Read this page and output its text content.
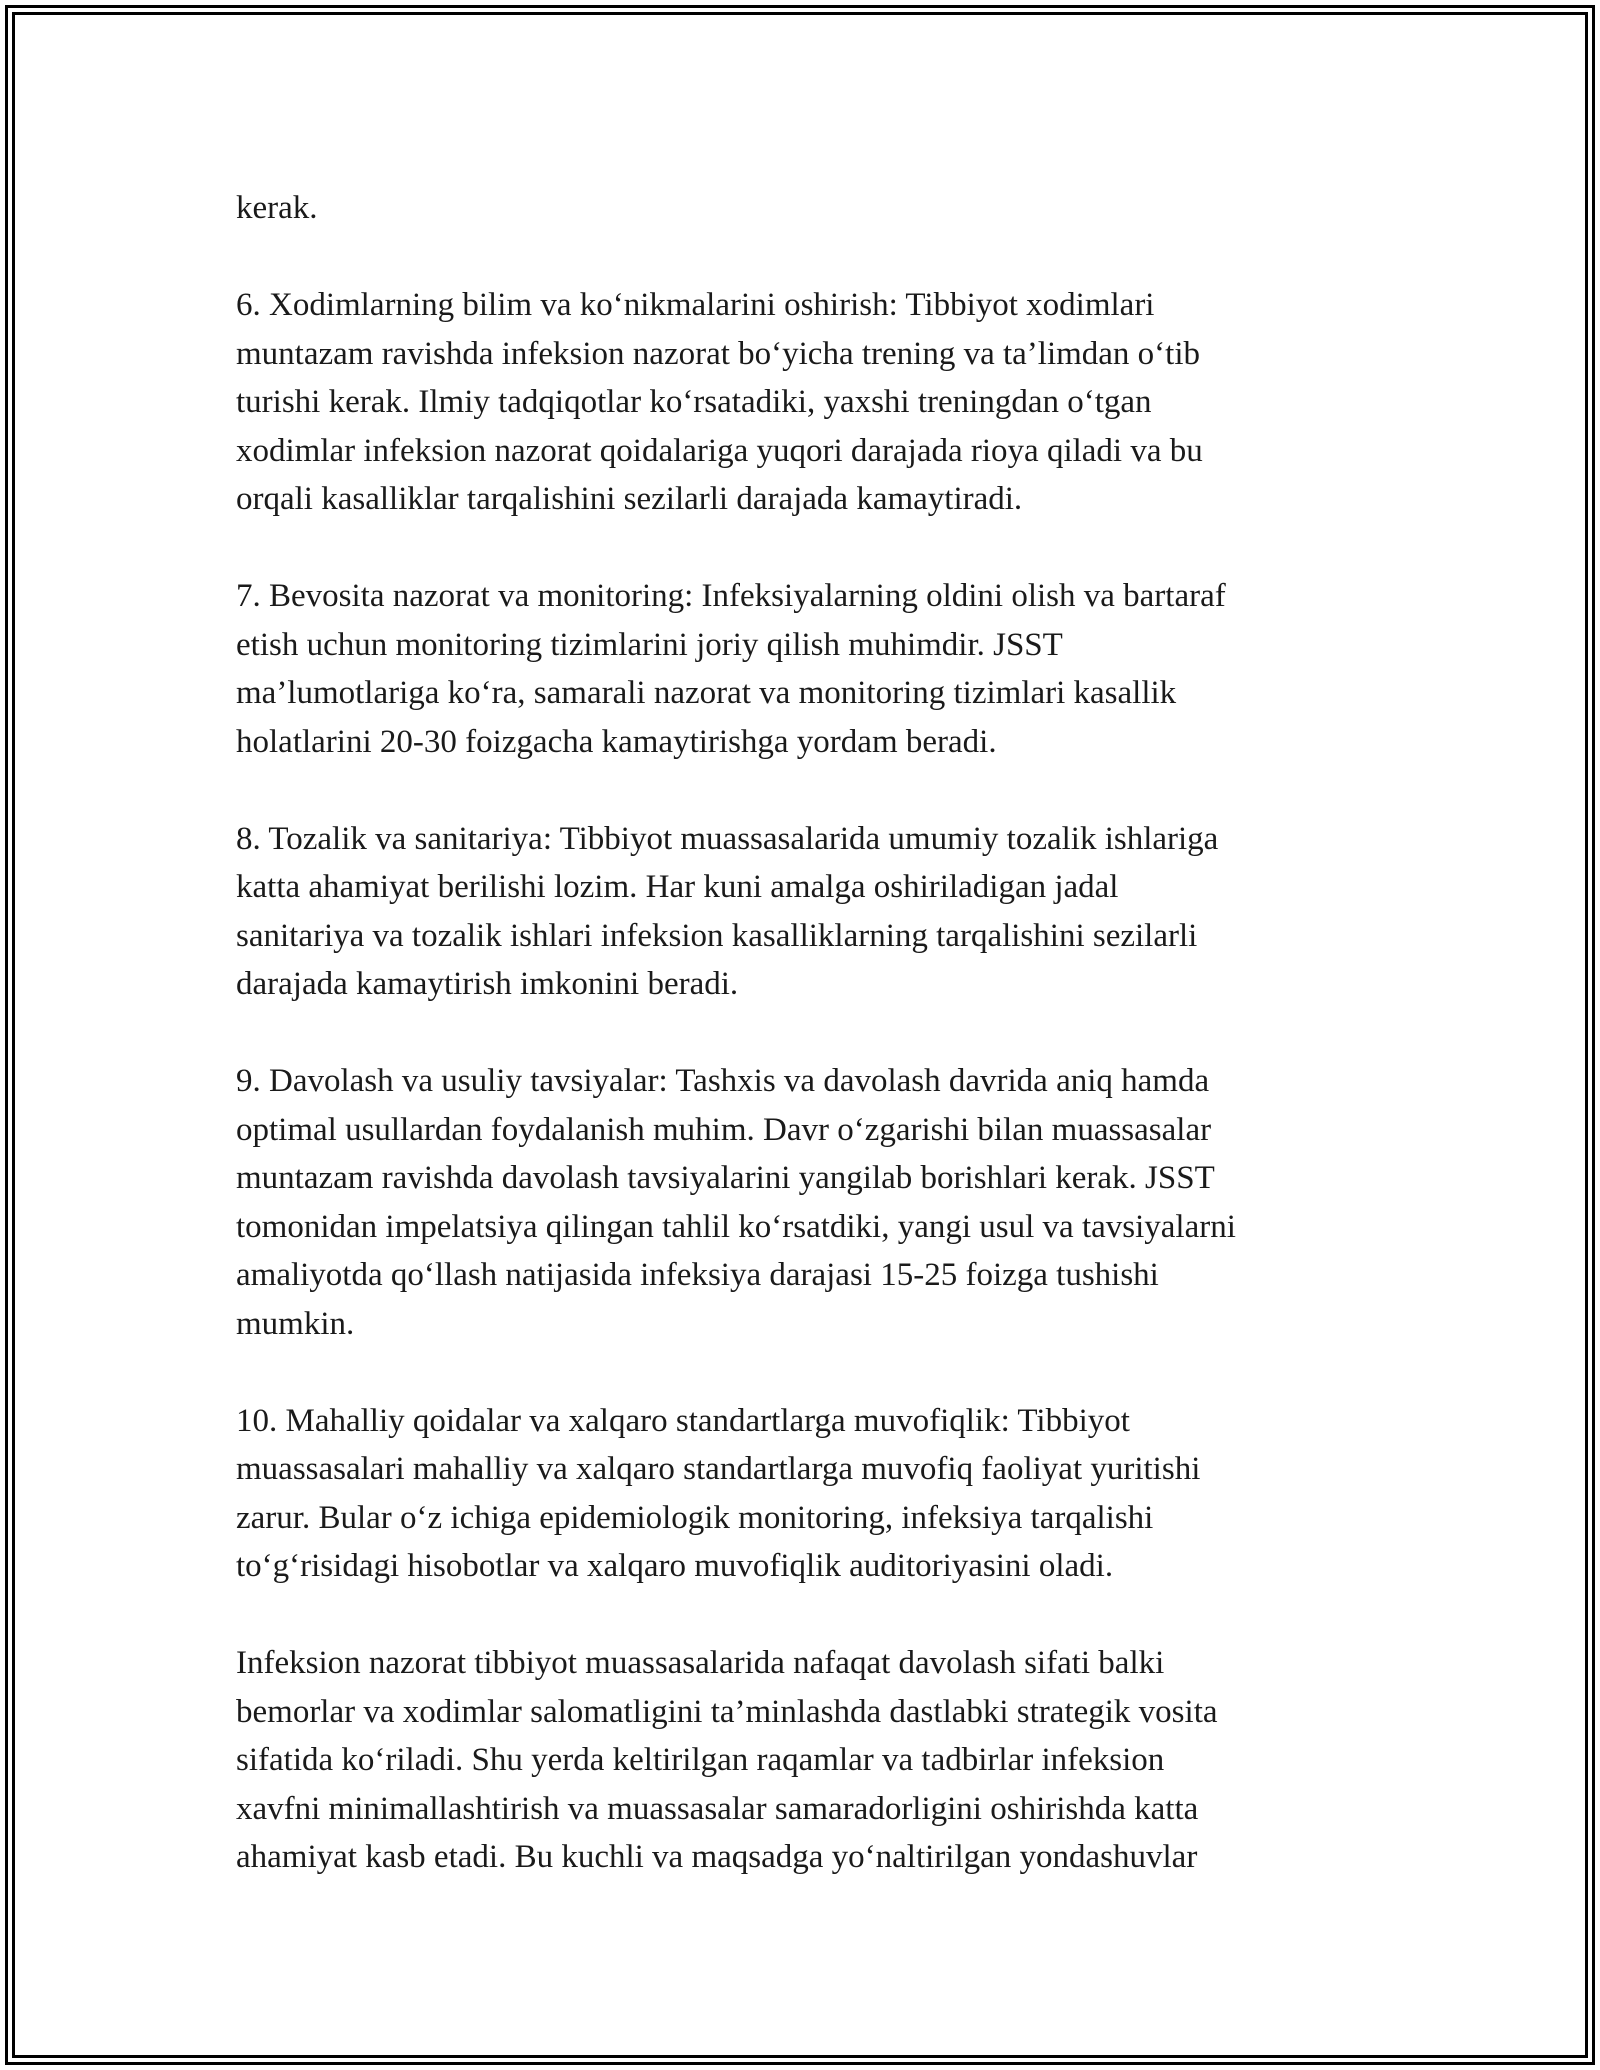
kerak.
6. Xodimlarning bilim va ko‘nikmalarini oshirish: Tibbiyot xodimlari
muntazam ravishda infeksion nazorat bo‘yicha trening va ta’limdan o‘tib
turishi kerak. Ilmiy tadqiqotlar ko‘rsatadiki, yaxshi treningdan o‘tgan
xodimlar infeksion nazorat qoidalariga yuqori darajada rioya qiladi va bu
orqali kasalliklar tarqalishini sezilarli darajada kamaytiradi.
7. Bevosita nazorat va monitoring: Infeksiyalarning oldini olish va bartaraf
etish uchun monitoring tizimlarini joriy qilish muhimdir. JSST
ma’lumotlariga ko‘ra, samarali nazorat va monitoring tizimlari kasallik
holatlarini 20-30 foizgacha kamaytirishga yordam beradi.
8. Tozalik va sanitariya: Tibbiyot muassasalarida umumiy tozalik ishlariga
katta ahamiyat berilishi lozim. Har kuni amalga oshiriladigan jadal
sanitariya va tozalik ishlari infeksion kasalliklarning tarqalishini sezilarli
darajada kamaytirish imkonini beradi.
9. Davolash va usuliy tavsiyalar: Tashxis va davolash davrida aniq hamda
optimal usullardan foydalanish muhim. Davr o‘zgarishi bilan muassasalar
muntazam ravishda davolash tavsiyalarini yangilab borishlari kerak. JSST
tomonidan impelatsiya qilingan tahlil ko‘rsatdiki, yangi usul va tavsiyalarni
amaliyotda qo‘llash natijasida infeksiya darajasi 15-25 foizga tushishi
mumkin.
10. Mahalliy qoidalar va xalqaro standartlarga muvofiqlik: Tibbiyot
muassasalari mahalliy va xalqaro standartlarga muvofiq faoliyat yuritishi
zarur. Bular o‘z ichiga epidemiologik monitoring, infeksiya tarqalishi
to‘g‘risidagi hisobotlar va xalqaro muvofiqlik auditoriyasini oladi.
Infeksion nazorat tibbiyot muassasalarida nafaqat davolash sifati balki
bemorlar va xodimlar salomatligini ta’minlashda dastlabki strategik vosita
sifatida ko‘riladi. Shu yerda keltirilgan raqamlar va tadbirlar infeksion
xavfni minimallashtirish va muassasalar samaradorligini oshirishda katta
ahamiyat kasb etadi. Bu kuchli va maqsadga yo‘naltirilgan yondashuvlar
